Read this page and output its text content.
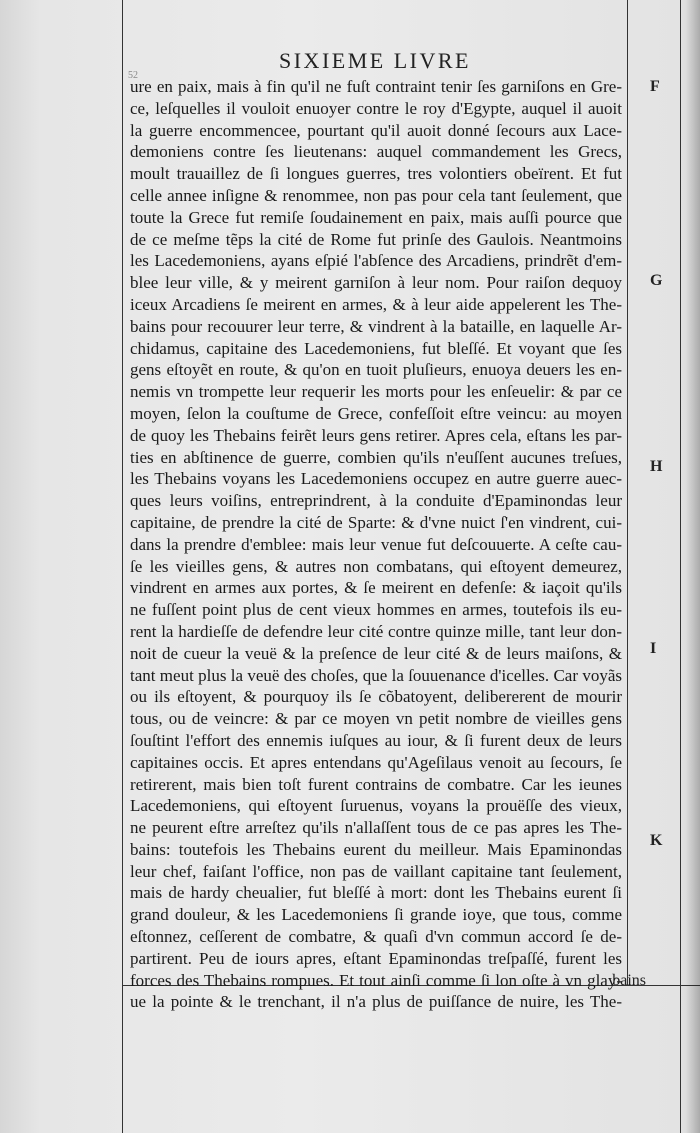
52
SIXIEME LIVRE
ure en paix, mais à fin qu'il ne fuſt contraint tenir ſes garniſons en Gre-
ce, leſquelles il vouloit enuoyer contre le roy d'Egypte, auquel il auoit
la guerre encommencee, pourtant qu'il auoit donné ſecours aux Lace-
demoniens contre ſes lieutenans: auquel commandement les Grecs,
moult trauaillez de ſi longues guerres, tres volontiers obeïrent. Et fut
celle annee inſigne & renommee, non pas pour cela tant ſeulement, que
toute la Grece fut remiſe ſoudainement en paix, mais auſſi pource que
de ce meſme tẽps la cité de Rome fut prinſe des Gaulois. Neantmoins
les Lacedemoniens, ayans eſpié l'abſence des Arcadiens, prindrẽt d'em-
blee leur ville, & y meirent garniſon à leur nom. Pour raiſon dequoy
iceux Arcadiens ſe meirent en armes, & à leur aide appelerent les The-
bains pour recouurer leur terre, & vindrent à la bataille, en laquelle Ar-
chidamus, capitaine des Lacedemoniens, fut bleſſé. Et voyant que ſes
gens eſtoyẽt en route, & qu'on en tuoit pluſieurs, enuoya deuers les en-
nemis vn trompette leur requerir les morts pour les enſeuelir: & par ce
moyen, ſelon la couſtume de Grece, confeſſoit eſtre veincu: au moyen
de quoy les Thebains feirẽt leurs gens retirer. Apres cela, eſtans les par-
ties en abſtinence de guerre, combien qu'ils n'euſſent aucunes treſues,
les Thebains voyans les Lacedemoniens occupez en autre guerre auec-
ques leurs voiſins, entreprindrent, à la conduite d'Epaminondas leur
capitaine, de prendre la cité de Sparte: & d'vne nuict ſ'en vindrent, cui-
dans la prendre d'emblee: mais leur venue fut deſcouuerte. A ceſte cau-
ſe les vieilles gens, & autres non combatans, qui eſtoyent demeurez,
vindrent en armes aux portes, & ſe meirent en defenſe: & iaçoit qu'ils
ne fuſſent point plus de cent vieux hommes en armes, toutefois ils eu-
rent la hardieſſe de defendre leur cité contre quinze mille, tant leur don-
noit de cueur la veuë & la preſence de leur cité & de leurs maiſons, &
tant meut plus la veuë des choſes, que la ſouuenance d'icelles. Car voyãs
ou ils eſtoyent, & pourquoy ils ſe cõbatoyent, delibererent de mourir
tous, ou de veincre: & par ce moyen vn petit nombre de vieilles gens
ſouſtint l'effort des ennemis iuſques au iour, & ſi furent deux de leurs
capitaines occis. Et apres entendans qu'Ageſilaus venoit au ſecours, ſe
retirerent, mais bien toſt furent contrains de combatre. Car les ieunes
Lacedemoniens, qui eſtoyent ſuruenus, voyans la prouëſſe des vieux,
ne peurent eſtre arreſtez qu'ils n'allaſſent tous de ce pas apres les The-
bains: toutefois les Thebains eurent du meilleur. Mais Epaminondas
leur chef, faiſant l'office, non pas de vaillant capitaine tant ſeulement,
mais de hardy cheualier, fut bleſſé à mort: dont les Thebains eurent ſi
grand douleur, & les Lacedemoniens ſi grande ioye, que tous, comme
eſtonnez, ceſſerent de combatre, & quaſi d'vn commun accord ſe de-
partirent. Peu de iours apres, eſtant Epaminondas treſpaſſé, furent les
forces des Thebains rompues. Et tout ainſi comme ſi lon oſte à vn glay-
ue la pointe & le trenchant, il n'a plus de puiſſance de nuire, les The-
F
G
H
I
K
bains
